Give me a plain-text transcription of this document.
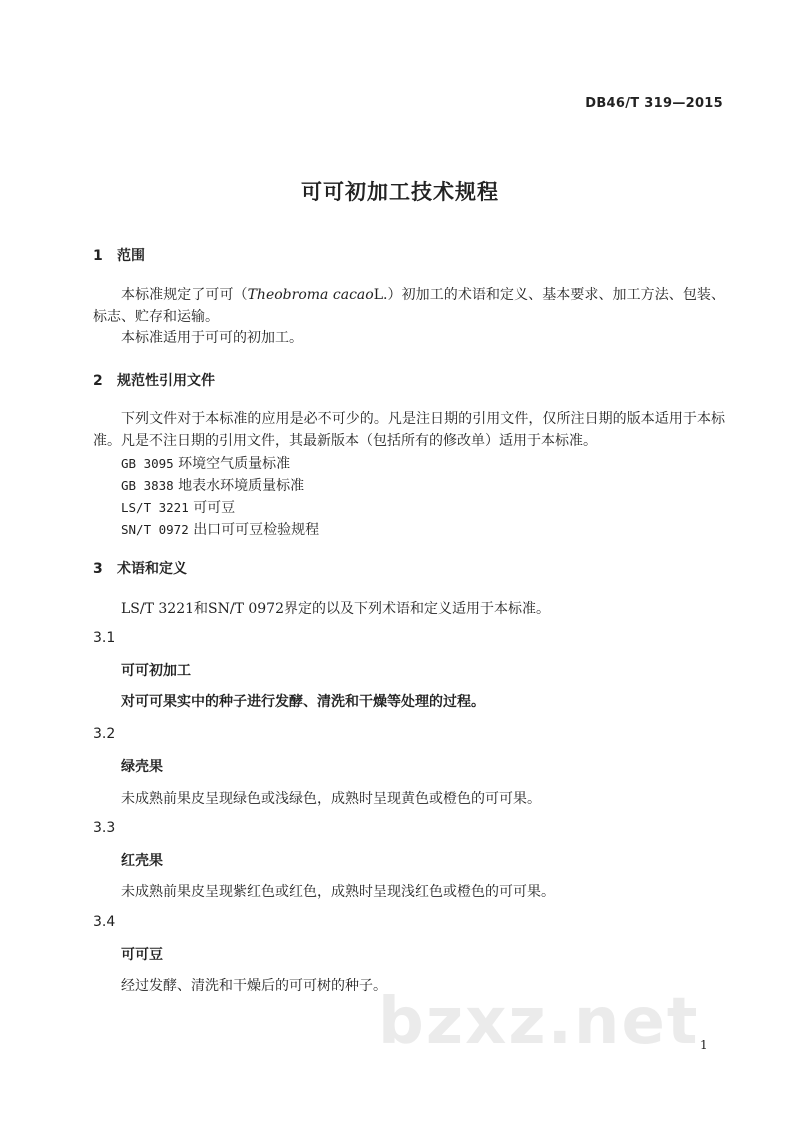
DB46/T 319—2015
可可初加工技术规程
1 范围

本标准规定了可可（Theobroma cacaoL.）初加工的术语和定义、基本要求、加工方法、包装、标志、贮存和运输。

本标准适用于可可的初加工。

2 规范性引用文件

下列文件对于本标准的应用是必不可少的。凡是注日期的引用文件，仅所注日期的版本适用于本标准。凡是不注日期的引用文件，其最新版本（包括所有的修改单）适用于本标准。

GB 3095 环境空气质量标准
GB 3838 地表水环境质量标准
LS/T 3221 可可豆
SN/T 0972 出口可可豆检验规程
3 术语和定义
LS/T 3221和SN/T 0972界定的以及下列术语和定义适用于本标准。
3.1
可可初加工
对可可果实中的种子进行发酵、清洗和干燥等处理的过程。
3.2
绿壳果
未成熟前果皮呈现绿色或浅绿色，成熟时呈现黄色或橙色的可可果。
3.3
红壳果
未成熟前果皮呈现紫红色或红色，成熟时呈现浅红色或橙色的可可果。
3.4
可可豆
经过发酵、清洗和干燥后的可可树的种子。
bzxz.net 1
